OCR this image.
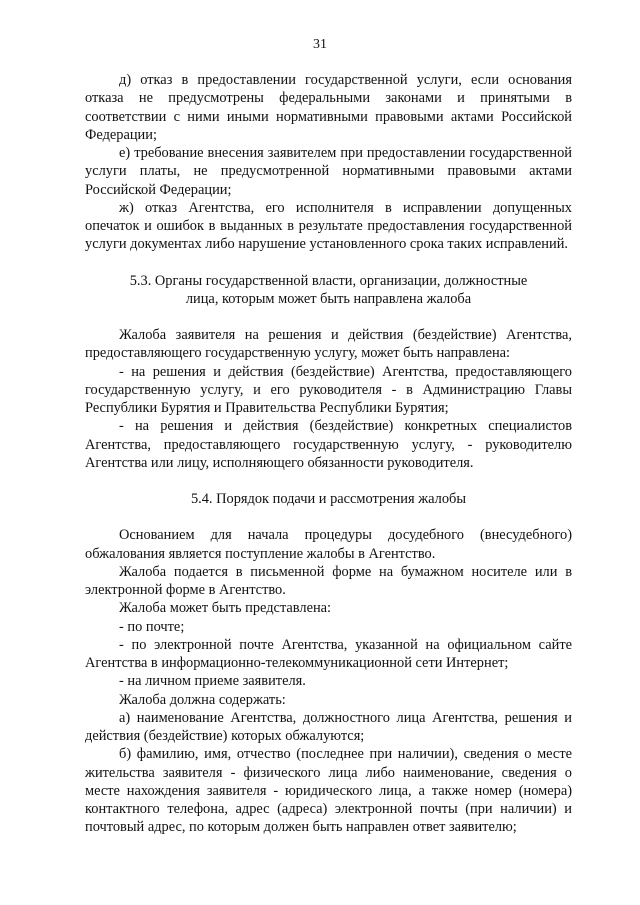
31

д) отказ в предоставлении государственной услуги, если основания отказа не предусмотрены федеральными законами и принятыми в соответствии с ними иными нормативными правовыми актами Российской Федерации;

е) требование внесения заявителем при предоставлении государственной услуги платы, не предусмотренной нормативными правовыми актами Российской Федерации;

ж) отказ Агентства, его исполнителя в исправлении допущенных опечаток и ошибок в выданных в результате предоставления государственной услуги документах либо нарушение установленного срока таких исправлений.

5.3. Органы государственной власти, организации, должностные

лица, которым может быть направлена жалоба

Жалоба заявителя на решения и действия (бездействие) Агентства, предоставляющего государственную услугу, может быть направлена:

- на решения и действия (бездействие) Агентства, предоставляющего государственную услугу, и его руководителя - в Администрацию Главы Республики Бурятия и Правительства Республики Бурятия;

- на решения и действия (бездействие) конкретных специалистов Агентства, предоставляющего государственную услугу, - руководителю Агентства или лицу, исполняющего обязанности руководителя.

5.4. Порядок подачи и рассмотрения жалобы

Основанием для начала процедуры досудебного (внесудебного) обжалования является поступление жалобы в Агентство.

Жалоба подается в письменной форме на бумажном носителе или в электронной форме в Агентство.

Жалоба может быть представлена:

- по почте;

- по электронной почте Агентства, указанной на официальном сайте Агентства в информационно-телекоммуникационной сети Интернет;

- на личном приеме заявителя.

Жалоба должна содержать:

а) наименование Агентства, должностного лица Агентства, решения и действия (бездействие) которых обжалуются;

б) фамилию, имя, отчество (последнее при наличии), сведения о месте жительства заявителя - физического лица либо наименование, сведения о месте нахождения заявителя - юридического лица, а также номер (номера) контактного телефона, адрес (адреса) электронной почты (при наличии) и почтовый адрес, по которым должен быть направлен ответ заявителю;
